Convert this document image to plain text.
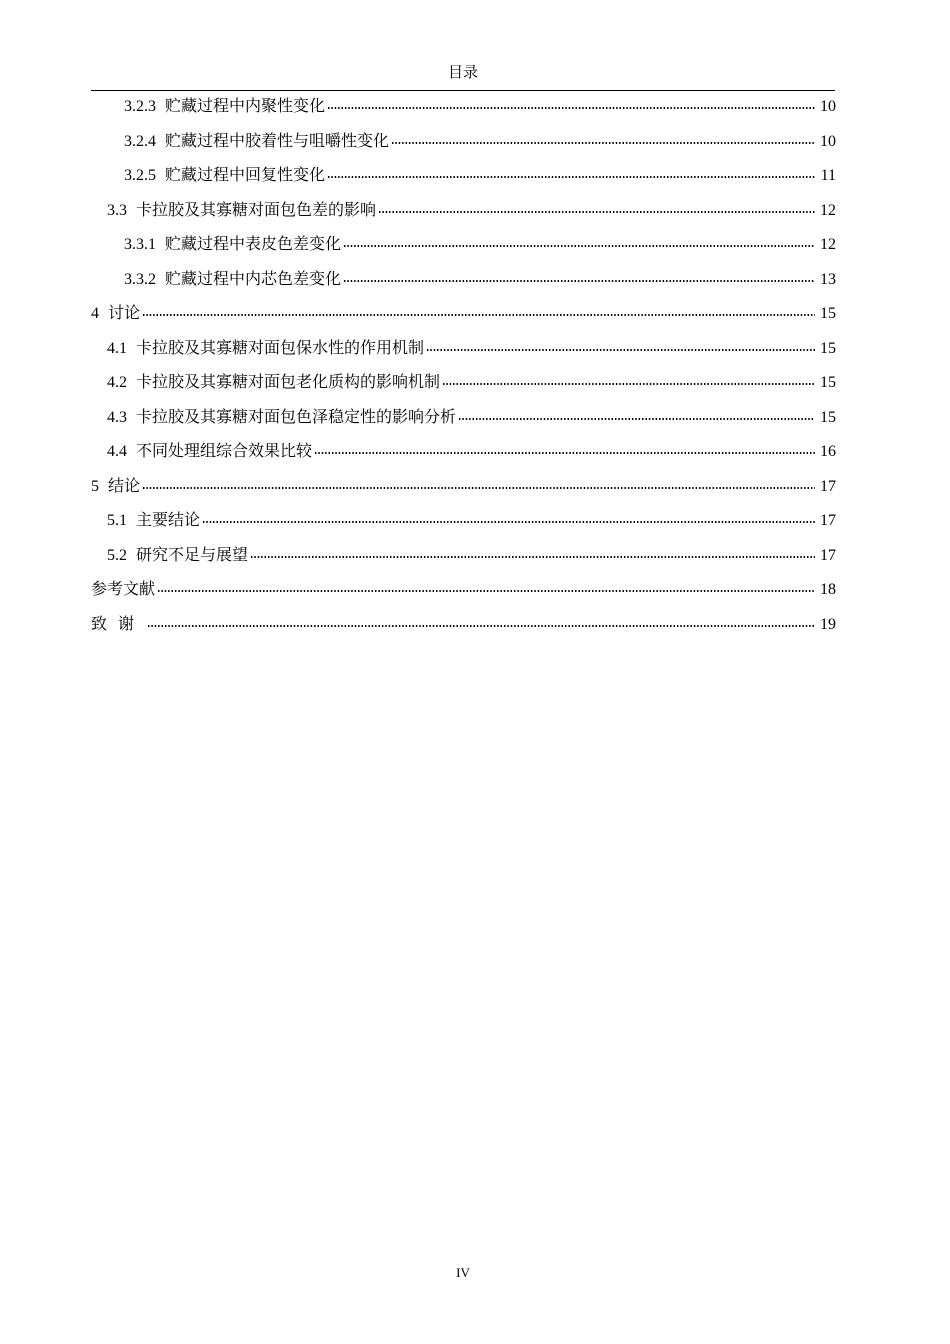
目录
3.2.3 贮藏过程中内聚性变化	10
3.2.4 贮藏过程中胶着性与咀嚼性变化	10
3.2.5 贮藏过程中回复性变化	11
3.3 卡拉胶及其寡糖对面包色差的影响	12
3.3.1 贮藏过程中表皮色差变化	12
3.3.2 贮藏过程中内芯色差变化	13
4 讨论	15
4.1 卡拉胶及其寡糖对面包保水性的作用机制	15
4.2 卡拉胶及其寡糖对面包老化质构的影响机制	15
4.3 卡拉胶及其寡糖对面包色泽稳定性的影响分析	15
4.4 不同处理组综合效果比较	16
5 结论	17
5.1 主要结论	17
5.2 研究不足与展望	17
参考文献	18
致谢	19
IV
